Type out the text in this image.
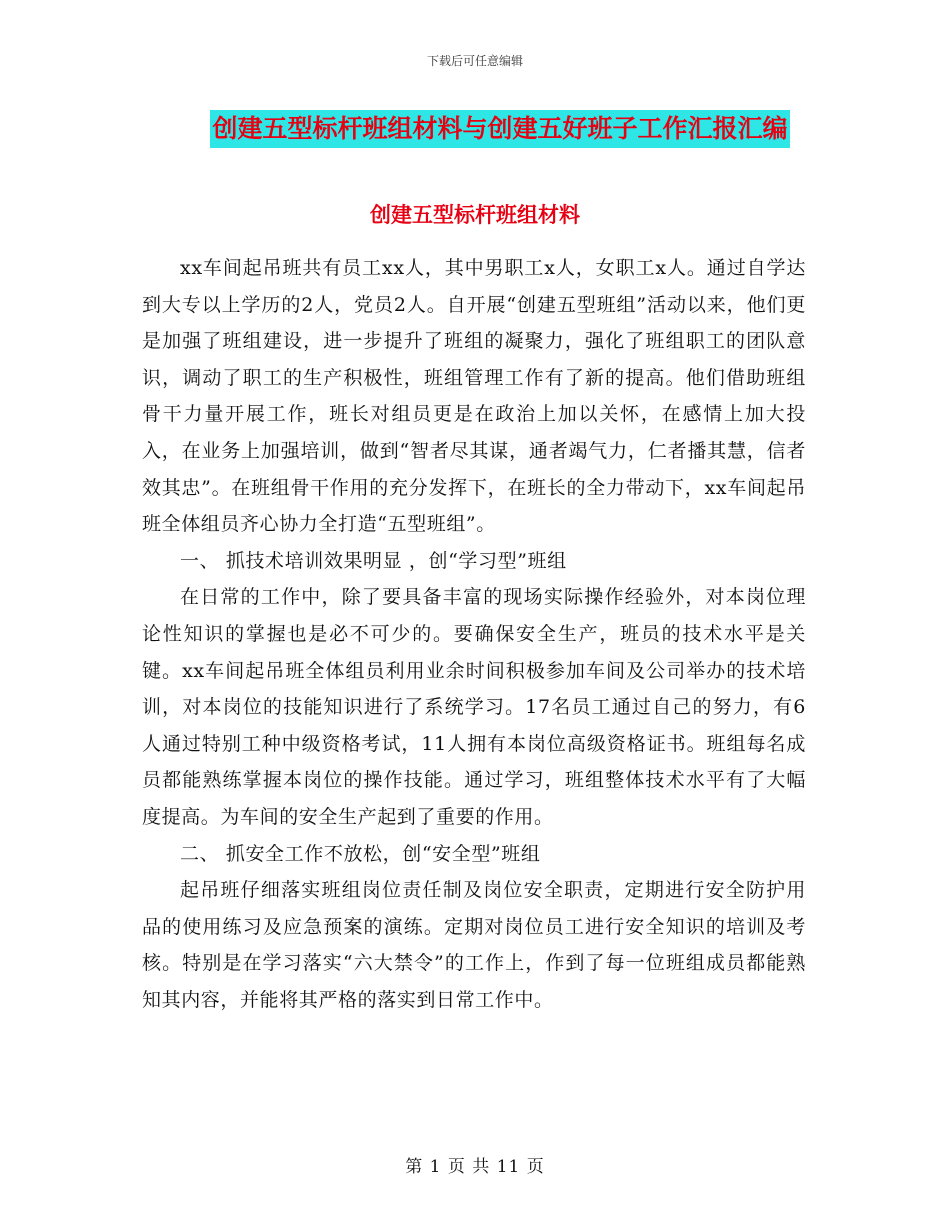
下载后可任意编辑
创建五型标杆班组材料与创建五好班子工作汇报汇编
创建五型标杆班组材料

xx车间起吊班共有员工xx人，其中男职工x人，女职工x人。通过自学达到大专以上学历的2人，党员2人。自开展“创建五型班组”活动以来，他们更是加强了班组建设，进一步提升了班组的凝聚力，强化了班组职工的团队意识，调动了职工的生产积极性，班组管理工作有了新的提高。他们借助班组骨干力量开展工作，班长对组员更是在政治上加以关怀，在感情上加大投入，在业务上加强培训，做到“智者尽其谋，通者竭气力，仁者播其慧，信者效其忠”。在班组骨干作用的充分发挥下，在班长的全力带动下，xx车间起吊班全体组员齐心协力全打造“五型班组”。

一、 抓技术培训效果明显 ，创“学习型”班组

在日常的工作中，除了要具备丰富的现场实际操作经验外，对本岗位理论性知识的掌握也是必不可少的。要确保安全生产，班员的技术水平是关键。xx车间起吊班全体组员利用业余时间积极参加车间及公司举办的技术培训，对本岗位的技能知识进行了系统学习。17名员工通过自己的努力，有6人通过特别工种中级资格考试，11人拥有本岗位高级资格证书。班组每名成员都能熟练掌握本岗位的操作技能。通过学习，班组整体技术水平有了大幅度提高。为车间的安全生产起到了重要的作用。

二、 抓安全工作不放松，创“安全型”班组

起吊班仔细落实班组岗位责任制及岗位安全职责，定期进行安全防护用品的使用练习及应急预案的演练。定期对岗位员工进行安全知识的培训及考核。特别是在学习落实“六大禁令”的工作上，作到了每一位班组成员都能熟知其内容，并能将其严格的落实到日常工作中。

第 1 页 共 11 页
